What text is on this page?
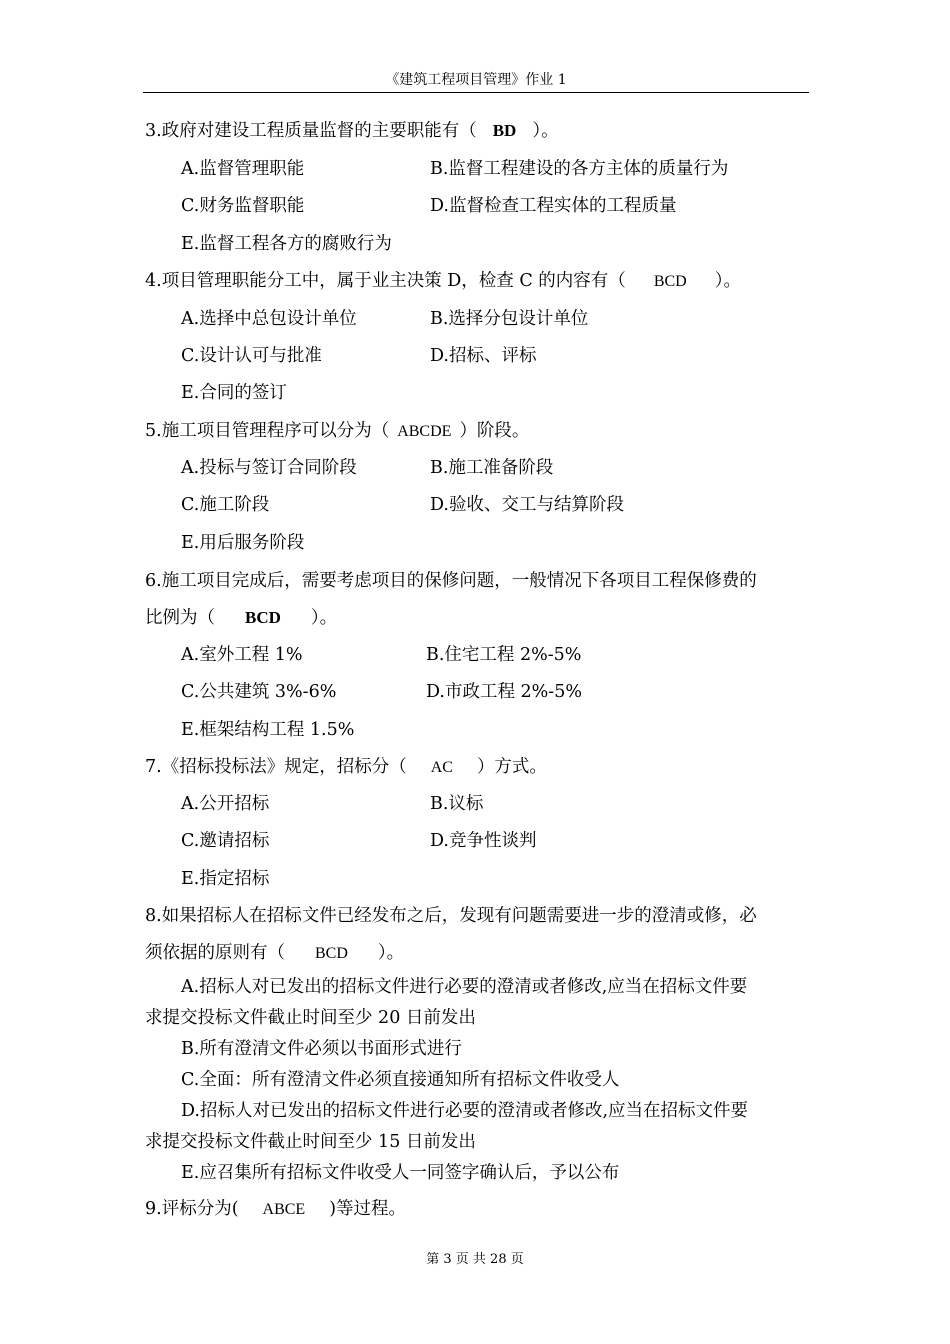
《建筑工程项目管理》作业 1
3.政府对建设工程质量监督的主要职能有（ BD ）。
A.监督管理职能	B.监督工程建设的各方主体的质量行为
C.财务监督职能	D.监督检查工程实体的工程质量
E.监督工程各方的腐败行为
4.项目管理职能分工中，属于业主决策 D，检查 C 的内容有（ BCD ）。
A.选择中总包设计单位	B.选择分包设计单位
C.设计认可与批准	D.招标、评标
E.合同的签订
5.施工项目管理程序可以分为（ ABCDE ）阶段。
A.投标与签订合同阶段	B.施工准备阶段
C.施工阶段	D.验收、交工与结算阶段
E.用后服务阶段
6.施工项目完成后，需要考虑项目的保修问题，一般情况下各项目工程保修费的
比例为（ BCD ）。
A.室外工程 1%	B.住宅工程 2%-5%
C.公共建筑 3%-6%	D.市政工程 2%-5%
E.框架结构工程 1.5%
7.《招标投标法》规定，招标分（ AC ）方式。
A.公开招标	B.议标
C.邀请招标	D.竞争性谈判
E.指定招标
8.如果招标人在招标文件已经发布之后，发现有问题需要进一步的澄清或修，必
须依据的原则有（ BCD ）。
A.招标人对已发出的招标文件进行必要的澄清或者修改,应当在招标文件要
求提交投标文件截止时间至少 20 日前发出
B.所有澄清文件必须以书面形式进行
C.全面：所有澄清文件必须直接通知所有招标文件收受人
D.招标人对已发出的招标文件进行必要的澄清或者修改,应当在招标文件要
求提交投标文件截止时间至少 15 日前发出
E.应召集所有招标文件收受人一同签字确认后，予以公布
9.评标分为( ABCE )等过程。
第 3 页 共 28 页
